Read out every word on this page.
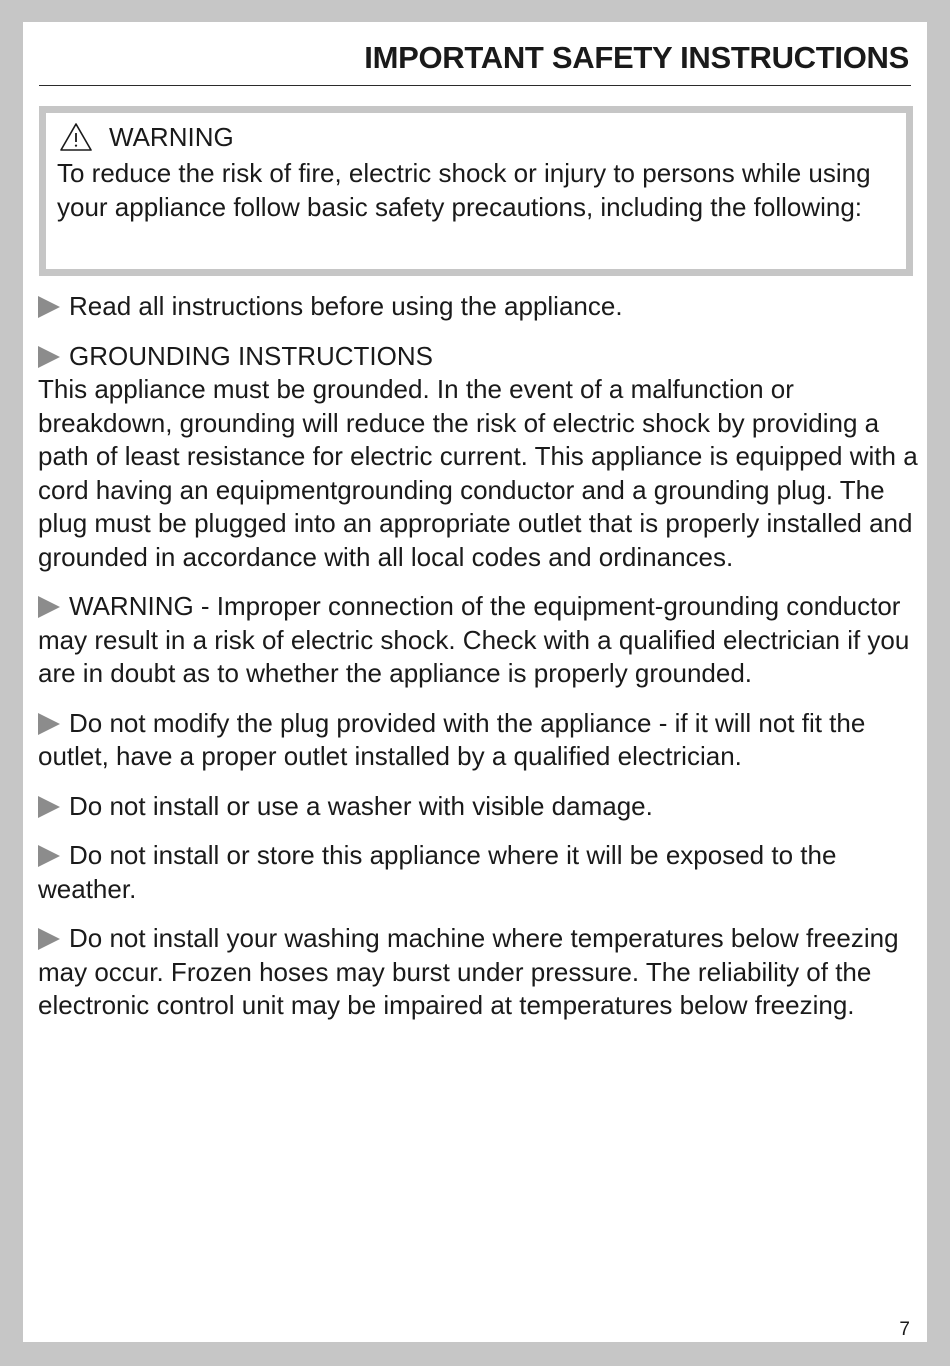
IMPORTANT SAFETY INSTRUCTIONS
WARNING
To reduce the risk of fire, electric shock or injury to persons while using your appliance follow basic safety precautions, including the following:
Read all instructions before using the appliance.
GROUNDING INSTRUCTIONS
This appliance must be grounded. In the event of a malfunction or breakdown, grounding will reduce the risk of electric shock by providing a path of least resistance for electric current. This appliance is equipped with a cord having an equipmentgrounding conductor and a grounding plug. The plug must be plugged into an appropriate outlet that is properly installed and grounded in accordance with all local codes and ordinances.
WARNING - Improper connection of the equipment-grounding conductor may result in a risk of electric shock. Check with a qualified electrician if you are in doubt as to whether the appliance is properly grounded.
Do not modify the plug provided with the appliance - if it will not fit the outlet, have a proper outlet installed by a qualified electrician.
Do not install or use a washer with visible damage.
Do not install or store this appliance where it will be exposed to the weather.
Do not install your washing machine where temperatures below freezing may occur. Frozen hoses may burst under pressure. The reliability of the electronic control unit may be impaired at temperatures below freezing.
7
